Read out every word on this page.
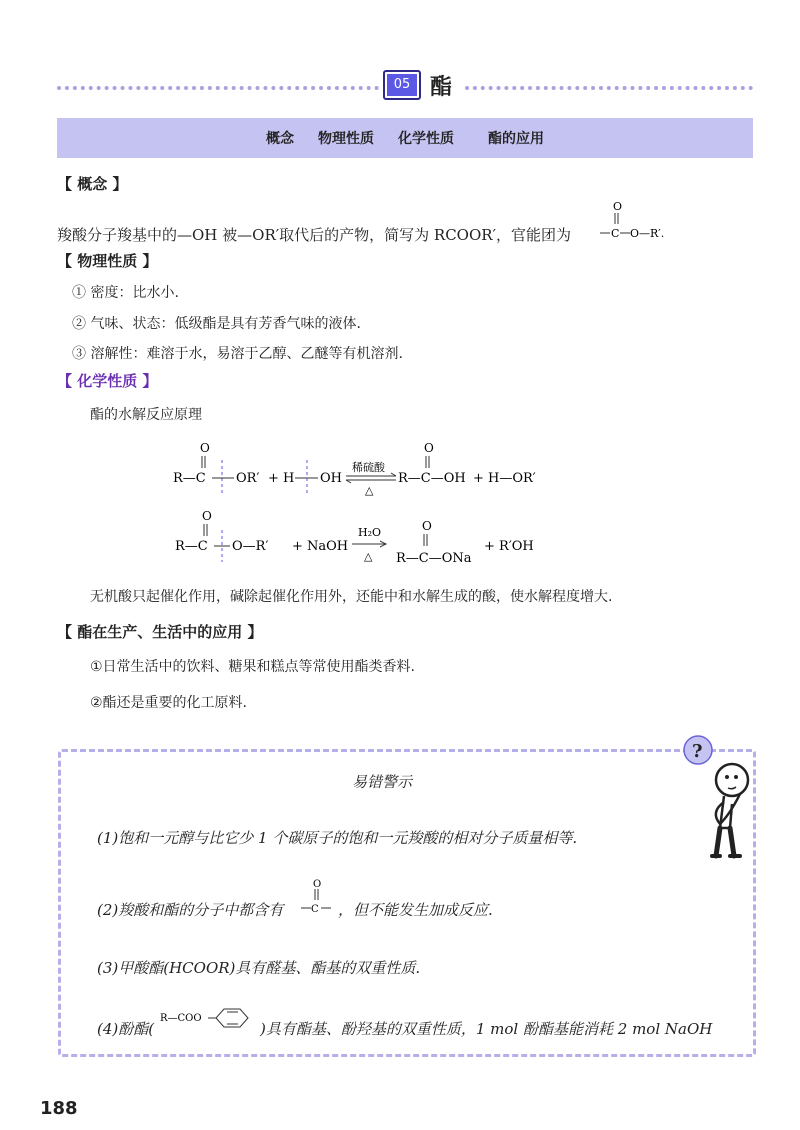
05 酯
概念 物理性质 化学性质 酯的应用
【 概念 】
羧酸分子羧基中的—OH 被—OR′取代后的产物，简写为 RCOOR′，官能团为
O
C O—R′.
【 物理性质 】
① 密度：比水小.
② 气味、状态：低级酯是具有芳香气味的液体.
③ 溶解性：难溶于水，易溶于乙醇、乙醚等有机溶剂.
【 化学性质 】
酯的水解反应原理
O
R—C OR′ + H OH
稀硫酸
△
O
R—C—OH + H—OR′
O
R—C O—R′ + NaOH
H₂O
△
O
R—C—ONa
+ R′OH
无机酸只起催化作用，碱除起催化作用外，还能中和水解生成的酸，使水解程度增大.
【 酯在生产、生活中的应用 】
①日常生活中的饮料、糖果和糕点等常使用酯类香料.
②酯还是重要的化工原料.
易错警示
(1)饱和一元醇与比它少 1 个碳原子的饱和一元羧酸的相对分子质量相等.
(2)羧酸和酯的分子中都含有
O
C ，但不能发生加成反应.
(3)甲酸酯(HCOOR)具有醛基、酯基的双重性质.
(4)酚酯(
R—COO
)具有酯基、酚羟基的双重性质，1 mol 酚酯基能消耗 2 mol NaOH
?
188
